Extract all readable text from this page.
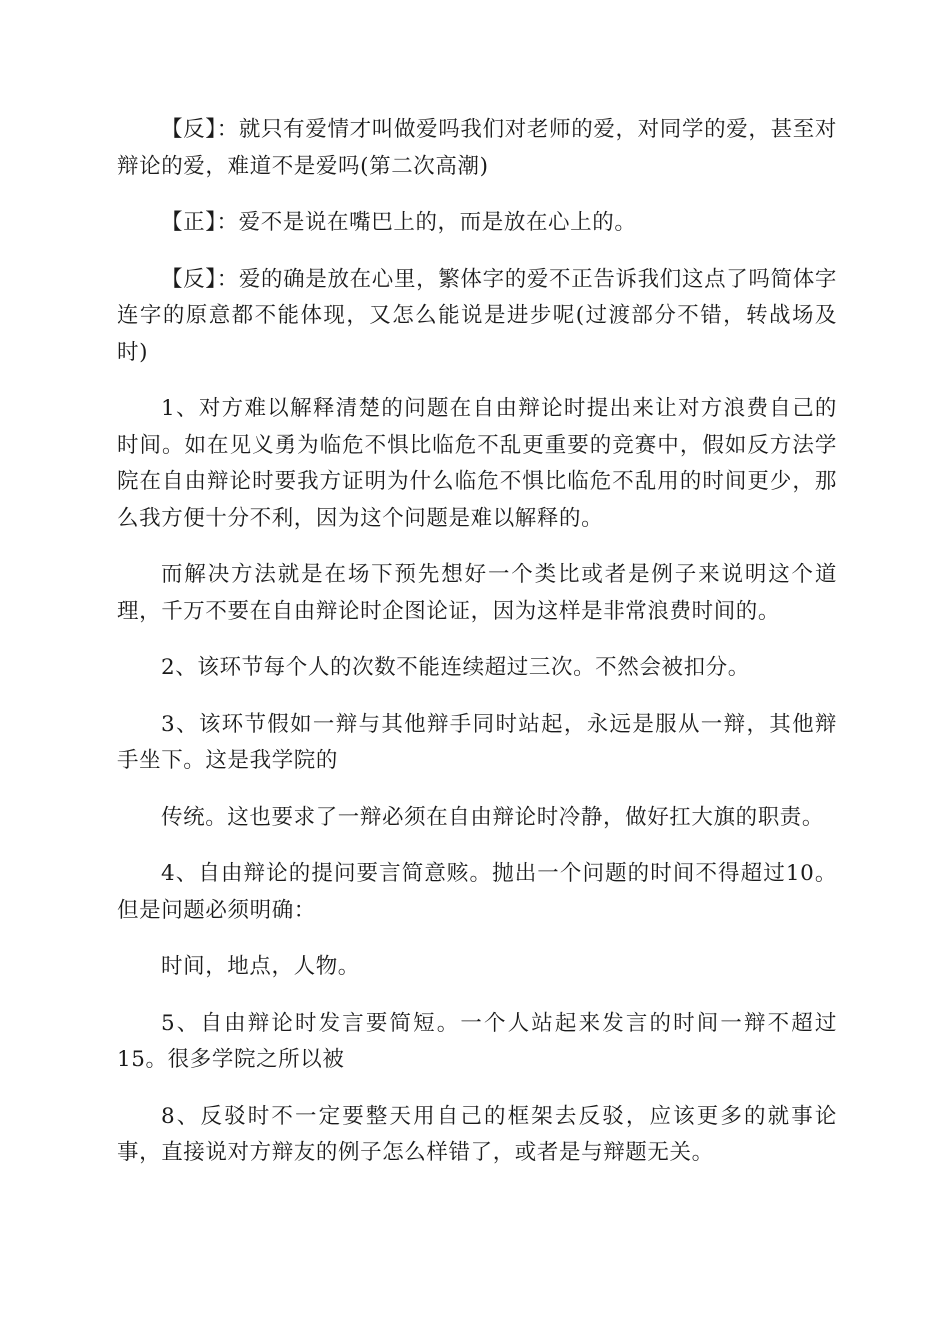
【反】：就只有爱情才叫做爱吗我们对老师的爱，对同学的爱，甚至对辩论的爱，难道不是爱吗(第二次高潮)

【正】：爱不是说在嘴巴上的，而是放在心上的。

【反】：爱的确是放在心里，繁体字的爱不正告诉我们这点了吗简体字连字的原意都不能体现，又怎么能说是进步呢(过渡部分不错，转战场及时)

1、对方难以解释清楚的问题在自由辩论时提出来让对方浪费自己的时间。如在见义勇为临危不惧比临危不乱更重要的竞赛中，假如反方法学院在自由辩论时要我方证明为什么临危不惧比临危不乱用的时间更少，那么我方便十分不利，因为这个问题是难以解释的。

而解决方法就是在场下预先想好一个类比或者是例子来说明这个道理，千万不要在自由辩论时企图论证，因为这样是非常浪费时间的。

2、该环节每个人的次数不能连续超过三次。不然会被扣分。

3、该环节假如一辩与其他辩手同时站起，永远是服从一辩，其他辩手坐下。这是我学院的

传统。这也要求了一辩必须在自由辩论时冷静，做好扛大旗的职责。

4、自由辩论的提问要言简意赅。抛出一个问题的时间不得超过10。但是问题必须明确：

时间，地点，人物。

5、自由辩论时发言要简短。一个人站起来发言的时间一辩不超过15。很多学院之所以被

8、反驳时不一定要整天用自己的框架去反驳，应该更多的就事论事，直接说对方辩友的例子怎么样错了，或者是与辩题无关。
